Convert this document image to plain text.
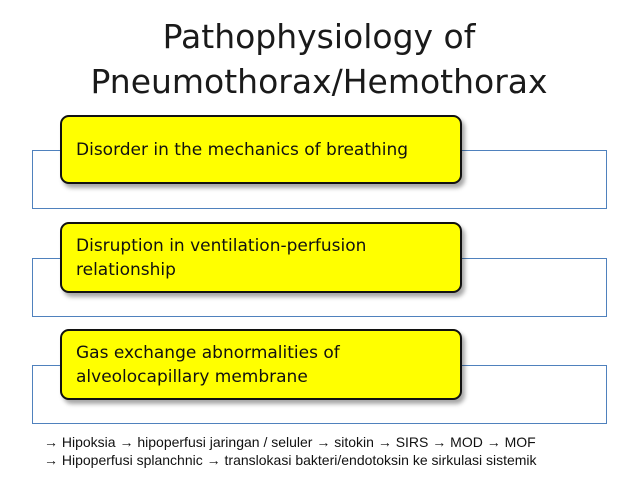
Pathophysiology of
Pneumothorax/Hemothorax
Disorder in the mechanics of breathing
Disruption in ventilation-perfusion relationship
Gas exchange abnormalities of alveolocapillary membrane
→ Hipoksia → hipoperfusi jaringan / seluler → sitokin → SIRS → MOD → MOF
→ Hipoperfusi splanchnic → translokasi bakteri/endotoksin ke sirkulasi sistemik
